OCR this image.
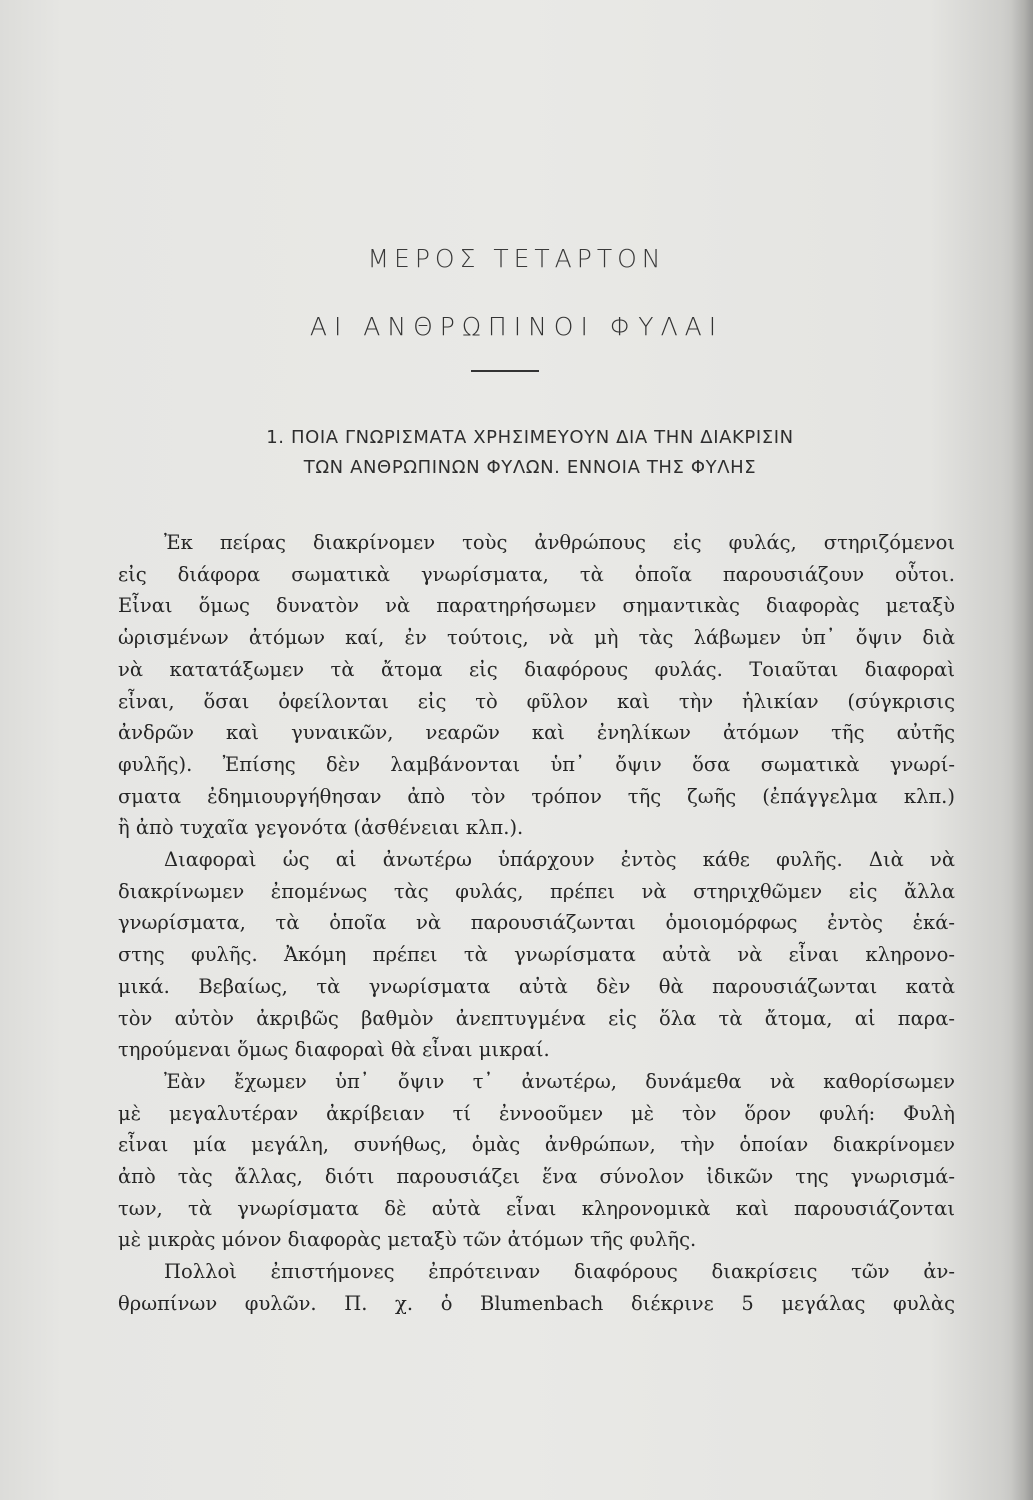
ΜΕΡΟΣ ΤΕΤΑΡΤΟΝ
ΑΙ ΑΝΘΡΩΠΙΝΟΙ ΦΥΛΑΙ
1. ΠΟΙΑ ΓΝΩΡΙΣΜΑΤΑ ΧΡΗΣΙΜΕΥΟΥΝ ΔΙΑ ΤΗΝ ΔΙΑΚΡΙΣΙΝ
ΤΩΝ ΑΝΘΡΩΠΙΝΩΝ ΦΥΛΩΝ. ΕΝΝΟΙΑ ΤΗΣ ΦΥΛΗΣ
Ἐκ πείρας διακρίνομεν τοὺς ἀνθρώπους εἰς φυλάς, στηριζόμενοι
εἰς διάφορα σωματικὰ γνωρίσματα, τὰ ὁποῖα παρουσιάζουν οὗτοι.
Εἶναι ὅμως δυνατὸν νὰ παρατηρήσωμεν σημαντικὰς διαφορὰς μεταξὺ
ὡρισμένων ἀτόμων καί, ἐν τούτοις, νὰ μὴ τὰς λάβωμεν ὑπ᾿ ὄψιν διὰ
νὰ κατατάξωμεν τὰ ἄτομα εἰς διαφόρους φυλάς. Τοιαῦται διαφοραὶ
εἶναι, ὅσαι ὀφείλονται εἰς τὸ φῦλον καὶ τὴν ἡλικίαν (σύγκρισις
ἀνδρῶν καὶ γυναικῶν, νεαρῶν καὶ ἐνηλίκων ἀτόμων τῆς αὐτῆς
φυλῆς). Ἐπίσης δὲν λαμβάνονται ὑπ᾿ ὄψιν ὅσα σωματικὰ γνωρί-
σματα ἐδημιουργήθησαν ἀπὸ τὸν τρόπον τῆς ζωῆς (ἐπάγγελμα κλπ.)
ἢ ἀπὸ τυχαῖα γεγονότα (ἀσθένειαι κλπ.).
Διαφοραὶ ὡς αἱ ἀνωτέρω ὑπάρχουν ἐντὸς κάθε φυλῆς. Διὰ νὰ
διακρίνωμεν ἐπομένως τὰς φυλάς, πρέπει νὰ στηριχθῶμεν εἰς ἄλλα
γνωρίσματα, τὰ ὁποῖα νὰ παρουσιάζωνται ὁμοιομόρφως ἐντὸς ἑκά-
στης φυλῆς. Ἀκόμη πρέπει τὰ γνωρίσματα αὐτὰ νὰ εἶναι κληρονο-
μικά. Βεβαίως, τὰ γνωρίσματα αὐτὰ δὲν θὰ παρουσιάζωνται κατὰ
τὸν αὐτὸν ἀκριβῶς βαθμὸν ἀνεπτυγμένα εἰς ὅλα τὰ ἄτομα, αἱ παρα-
τηρούμεναι ὅμως διαφοραὶ θὰ εἶναι μικραί.
Ἐὰν ἔχωμεν ὑπ᾿ ὄψιν τ᾿ ἀνωτέρω, δυνάμεθα νὰ καθορίσωμεν
μὲ μεγαλυτέραν ἀκρίβειαν τί ἐννοοῦμεν μὲ τὸν ὅρον φυλή: Φυλὴ
εἶναι μία μεγάλη, συνήθως, ὁμὰς ἀνθρώπων, τὴν ὁποίαν διακρίνομεν
ἀπὸ τὰς ἄλλας, διότι παρουσιάζει ἕνα σύνολον ἰδικῶν της γνωρισμά-
των, τὰ γνωρίσματα δὲ αὐτὰ εἶναι κληρονομικὰ καὶ παρουσιάζονται
μὲ μικρὰς μόνον διαφορὰς μεταξὺ τῶν ἀτόμων τῆς φυλῆς.
Πολλοὶ ἐπιστήμονες ἐπρότειναν διαφόρους διακρίσεις τῶν ἀν-
θρωπίνων φυλῶν. Π. χ. ὁ Blumenbach διέκρινε 5 μεγάλας φυλὰς
